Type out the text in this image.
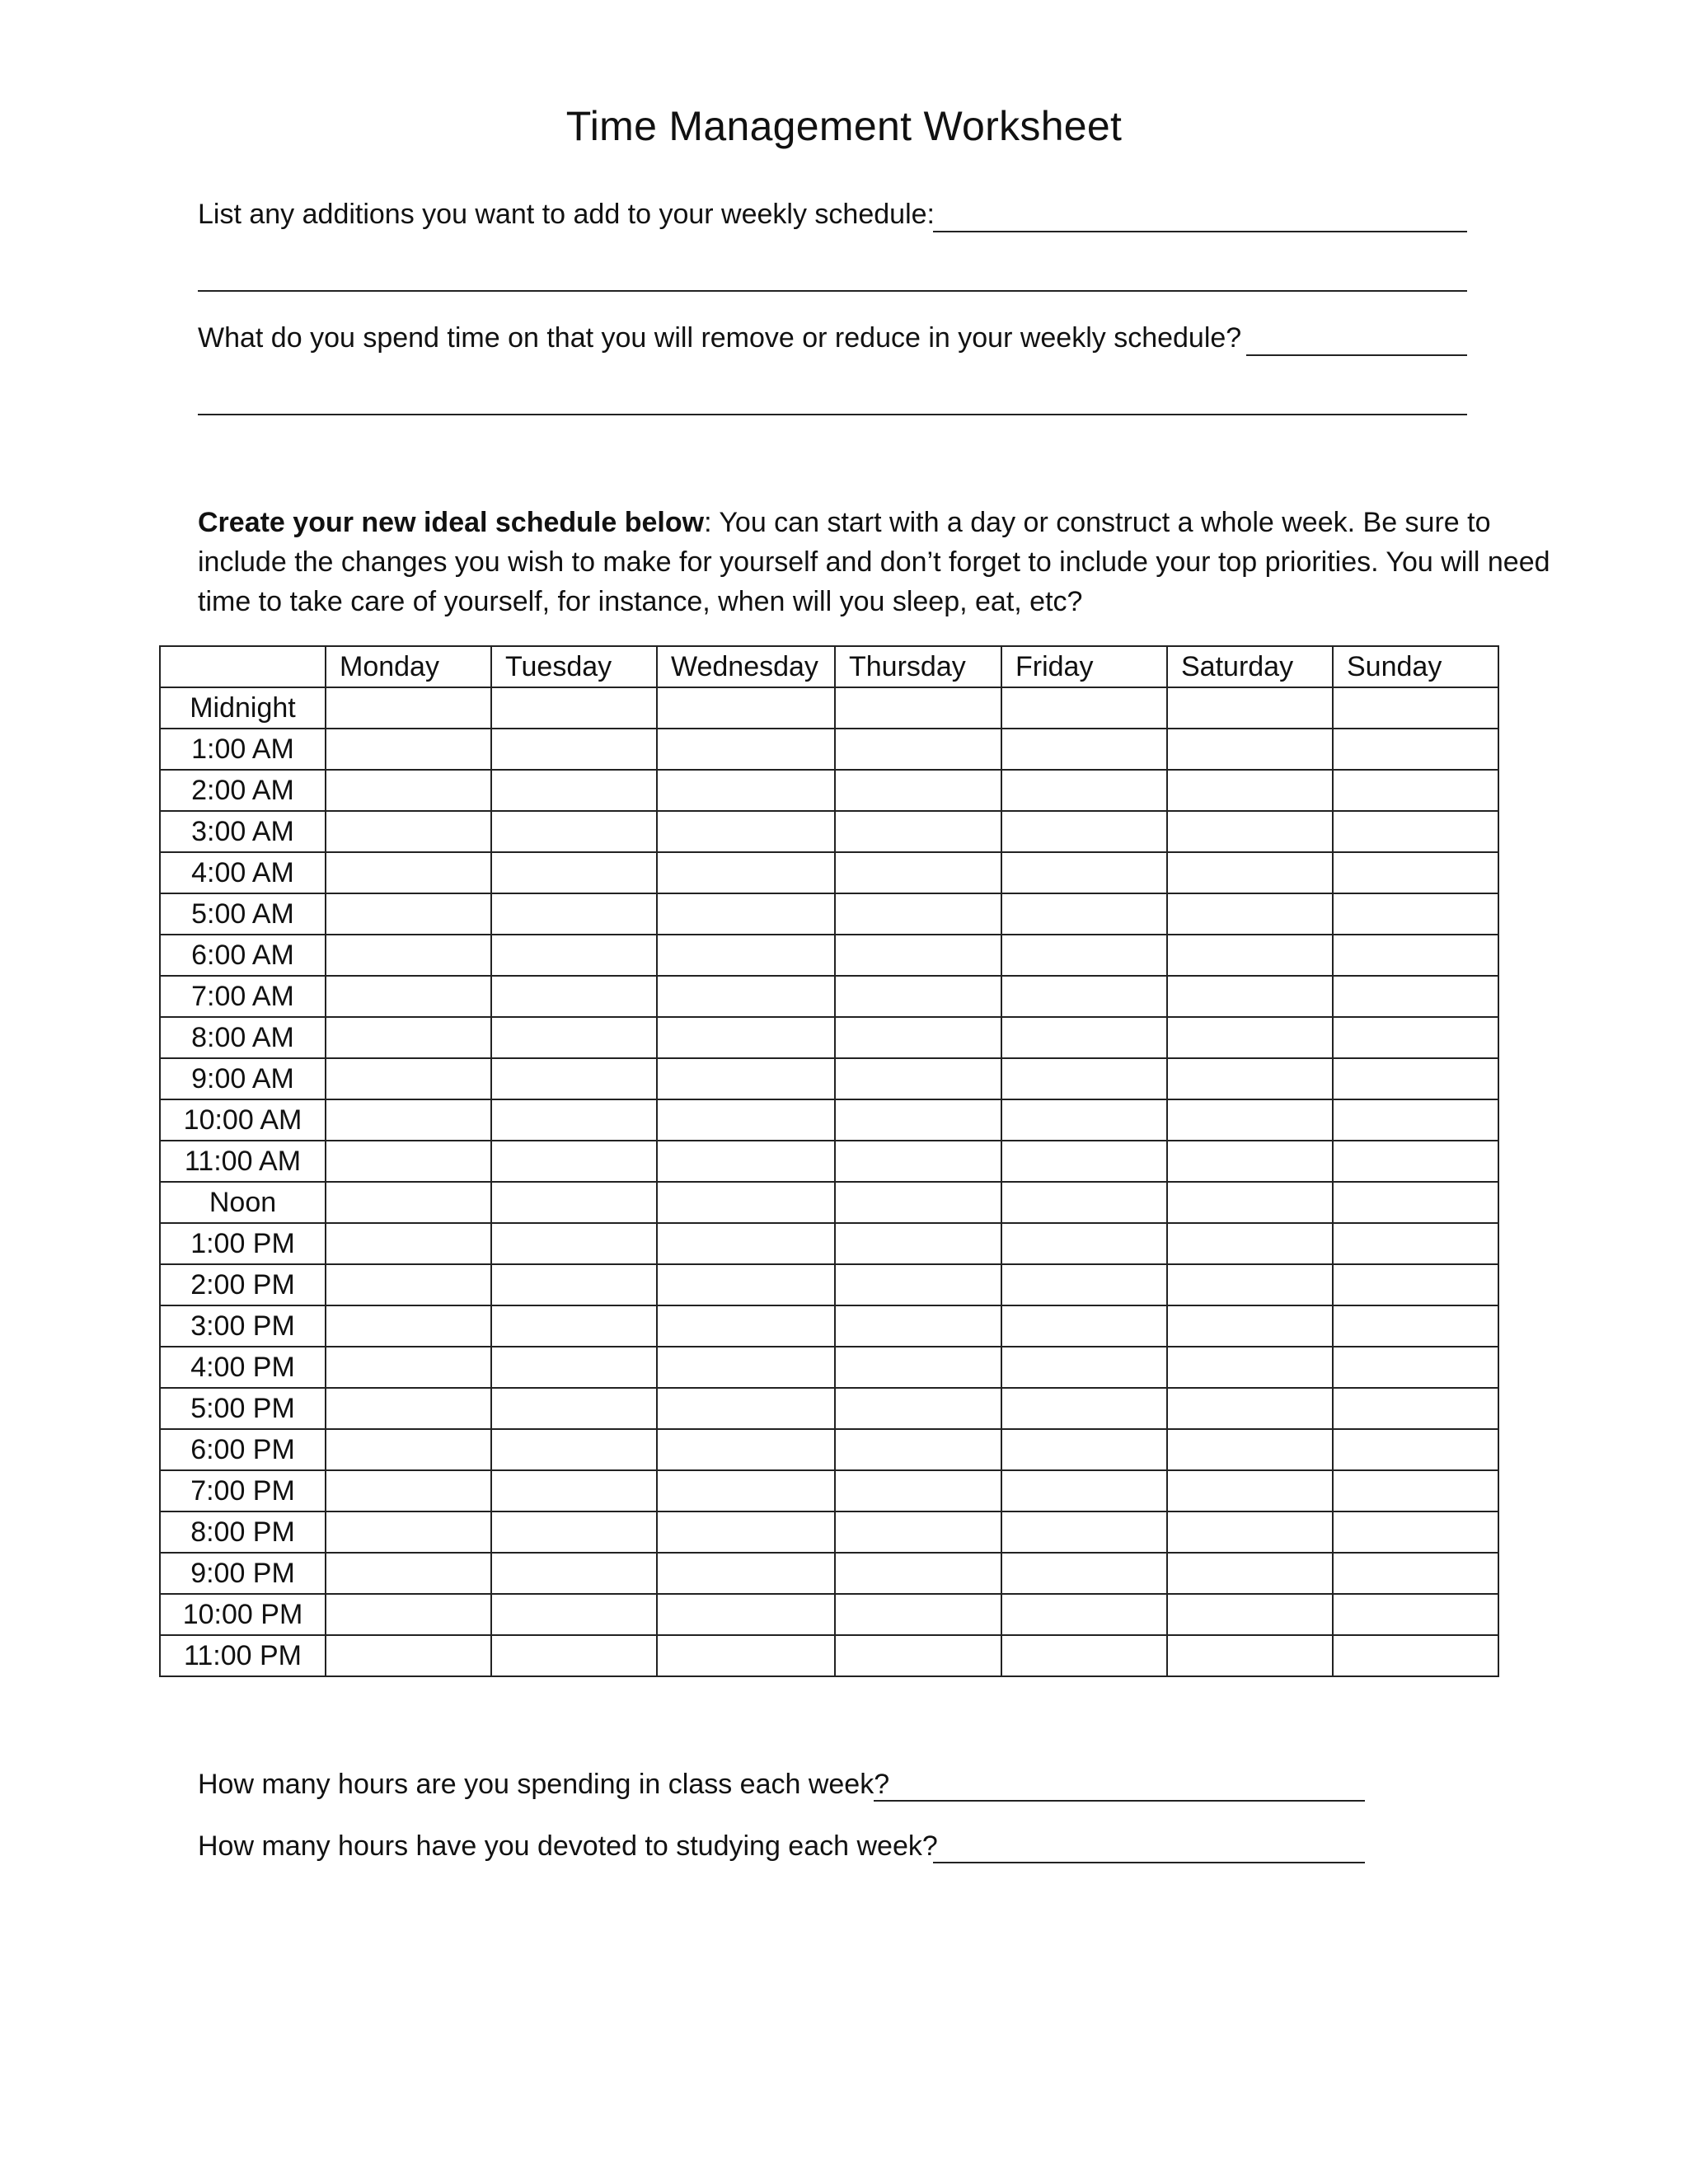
Time Management Worksheet
List any additions you want to add to your weekly schedule:
What do you spend time on that you will remove or reduce in your weekly schedule?
Create your new ideal schedule below: You can start with a day or construct a whole week. Be sure to include the changes you wish to make for yourself and don’t forget to include your top priorities. You will need time to take care of yourself, for instance, when will you sleep, eat, etc?
	Monday	Tuesday	Wednesday	Thursday	Friday	Saturday	Sunday
Midnight							
1:00 AM							
2:00 AM							
3:00 AM							
4:00 AM							
5:00 AM							
6:00 AM							
7:00 AM							
8:00 AM							
9:00 AM							
10:00 AM							
11:00 AM							
Noon							
1:00 PM							
2:00 PM							
3:00 PM							
4:00 PM							
5:00 PM							
6:00 PM							
7:00 PM							
8:00 PM							
9:00 PM							
10:00 PM							
11:00 PM							
How many hours are you spending in class each week?
How many hours have you devoted to studying each week?
